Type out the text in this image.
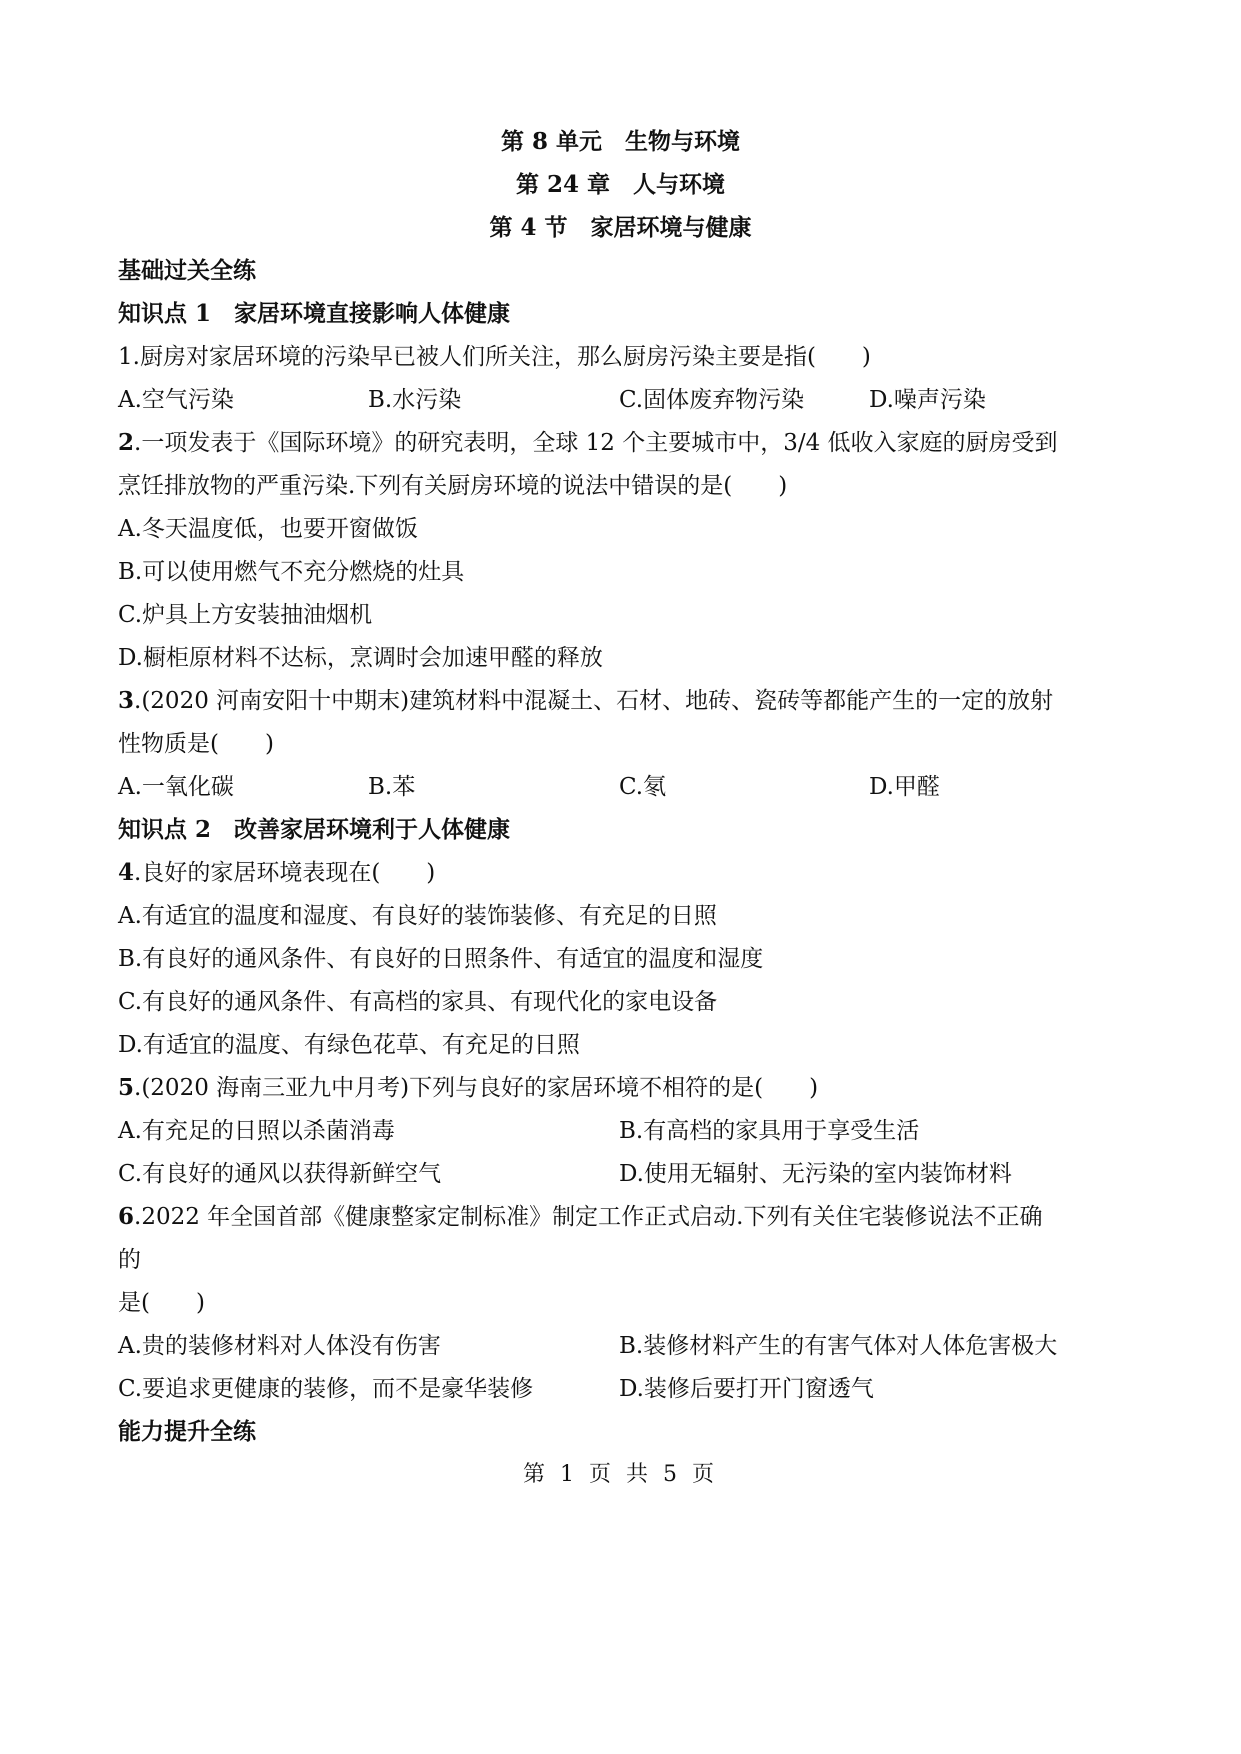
第 8 单元　生物与环境
第 24 章　人与环境
第 4 节　家居环境与健康
基础过关全练
知识点 1　家居环境直接影响人体健康
1.厨房对家居环境的污染早已被人们所关注，那么厨房污染主要是指(　　)
A.空气污染	B.水污染	C.固体废弃物污染	D.噪声污染
2.一项发表于《国际环境》的研究表明，全球 12 个主要城市中，3/4 低收入家庭的厨房受到
烹饪排放物的严重污染.下列有关厨房环境的说法中错误的是(　　)
A.冬天温度低，也要开窗做饭
B.可以使用燃气不充分燃烧的灶具
C.炉具上方安装抽油烟机
D.橱柜原材料不达标，烹调时会加速甲醛的释放
3.(2020 河南安阳十中期末)建筑材料中混凝土、石材、地砖、瓷砖等都能产生的一定的放射
性物质是(　　)
A.一氧化碳	B.苯	C.氡	D.甲醛
知识点 2　改善家居环境利于人体健康
4.良好的家居环境表现在(　　)
A.有适宜的温度和湿度、有良好的装饰装修、有充足的日照
B.有良好的通风条件、有良好的日照条件、有适宜的温度和湿度
C.有良好的通风条件、有高档的家具、有现代化的家电设备
D.有适宜的温度、有绿色花草、有充足的日照
5.(2020 海南三亚九中月考)下列与良好的家居环境不相符的是(　　)
A.有充足的日照以杀菌消毒	B.有高档的家具用于享受生活
C.有良好的通风以获得新鲜空气	D.使用无辐射、无污染的室内装饰材料
6.2022 年全国首部《健康整家定制标准》制定工作正式启动.下列有关住宅装修说法不正确
的
是(　　)
A.贵的装修材料对人体没有伤害	B.装修材料产生的有害气体对人体危害极大
C.要追求更健康的装修，而不是豪华装修	D.装修后要打开门窗透气
能力提升全练
第 1 页 共 5 页
